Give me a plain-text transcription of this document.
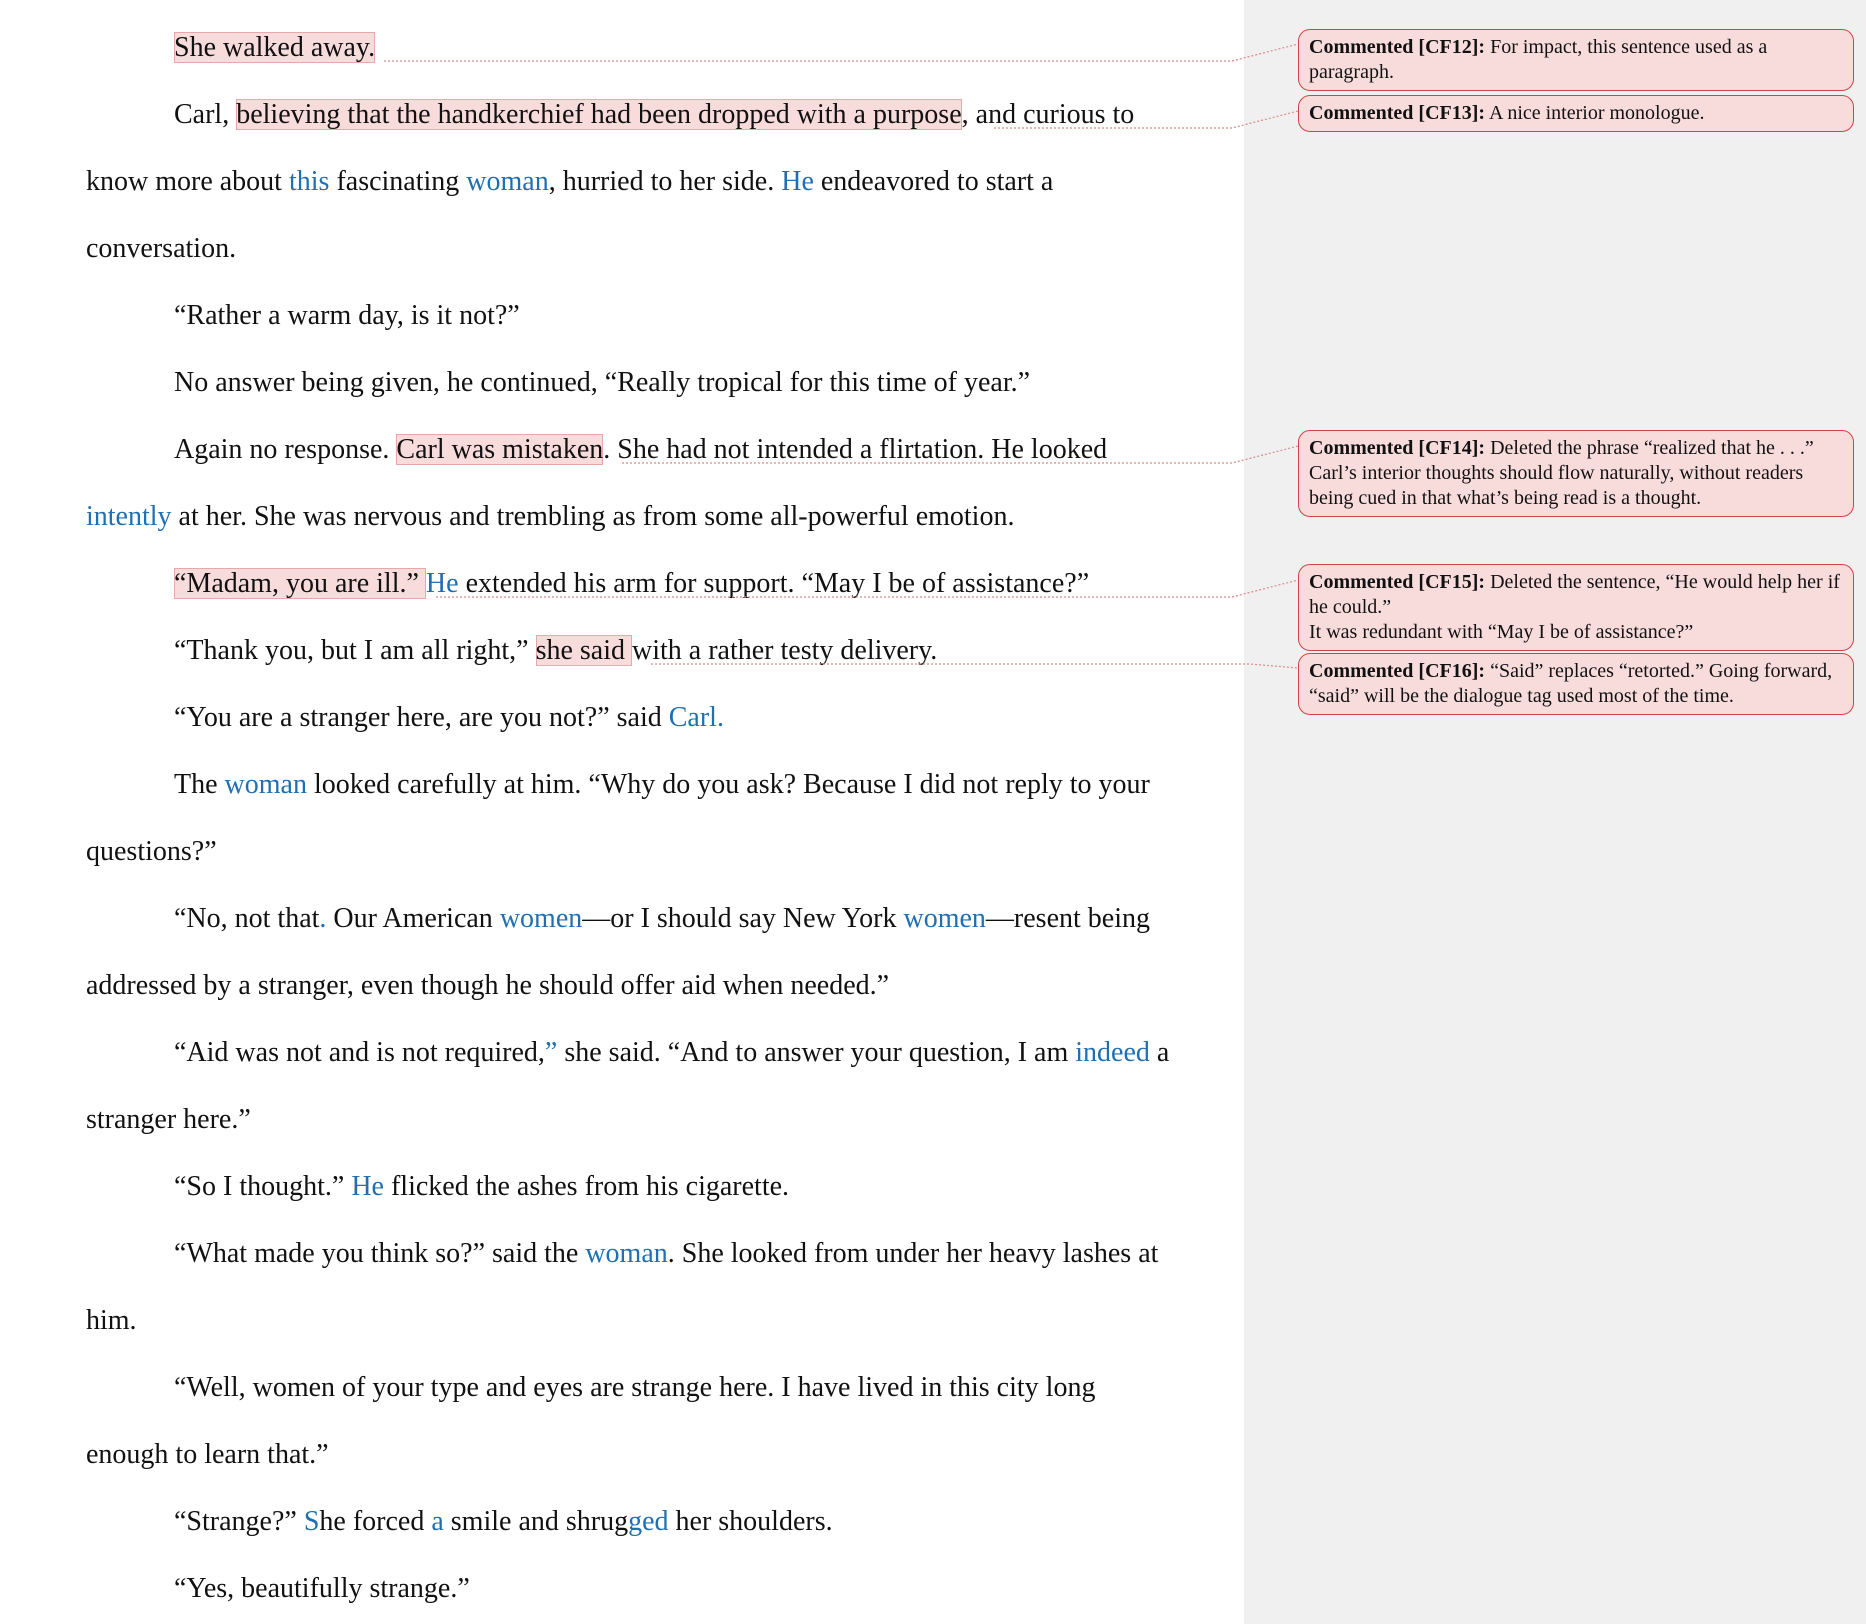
She walked away.

Carl, believing that the handkerchief had been dropped with a purpose, and curious to
know more about this fascinating woman, hurried to her side. He endeavored to start a
conversation.

“Rather a warm day, is it not?”

No answer being given, he continued, “Really tropical for this time of year.”

Again no response. Carl was mistaken. She had not intended a flirtation. He looked
intently at her. She was nervous and trembling as from some all-powerful emotion.

“Madam, you are ill.” He extended his arm for support. “May I be of assistance?”

“Thank you, but I am all right,” she said with a rather testy delivery.

“You are a stranger here, are you not?” said Carl.

The woman looked carefully at him. “Why do you ask? Because I did not reply to your
questions?”

“No, not that. Our American women—or I should say New York women—resent being
addressed by a stranger, even though he should offer aid when needed.”

“Aid was not and is not required,” she said. “And to answer your question, I am indeed a
stranger here.”

“So I thought.” He flicked the ashes from his cigarette.

“What made you think so?” said the woman. She looked from under her heavy lashes at
him.

“Well, women of your type and eyes are strange here. I have lived in this city long
enough to learn that.”

“Strange?” She forced a smile and shrugged her shoulders.

“Yes, beautifully strange.”

Commented [CF12]: For impact, this sentence used as a paragraph.
Commented [CF13]: A nice interior monologue.
Commented [CF14]: Deleted the phrase “realized that he . . .”
Carl’s interior thoughts should flow naturally, without readers being cued in that what’s being read is a thought.
Commented [CF15]: Deleted the sentence, “He would help her if he could.”
It was redundant with “May I be of assistance?”
Commented [CF16]: “Said” replaces “retorted.” Going forward, “said” will be the dialogue tag used most of the time.
